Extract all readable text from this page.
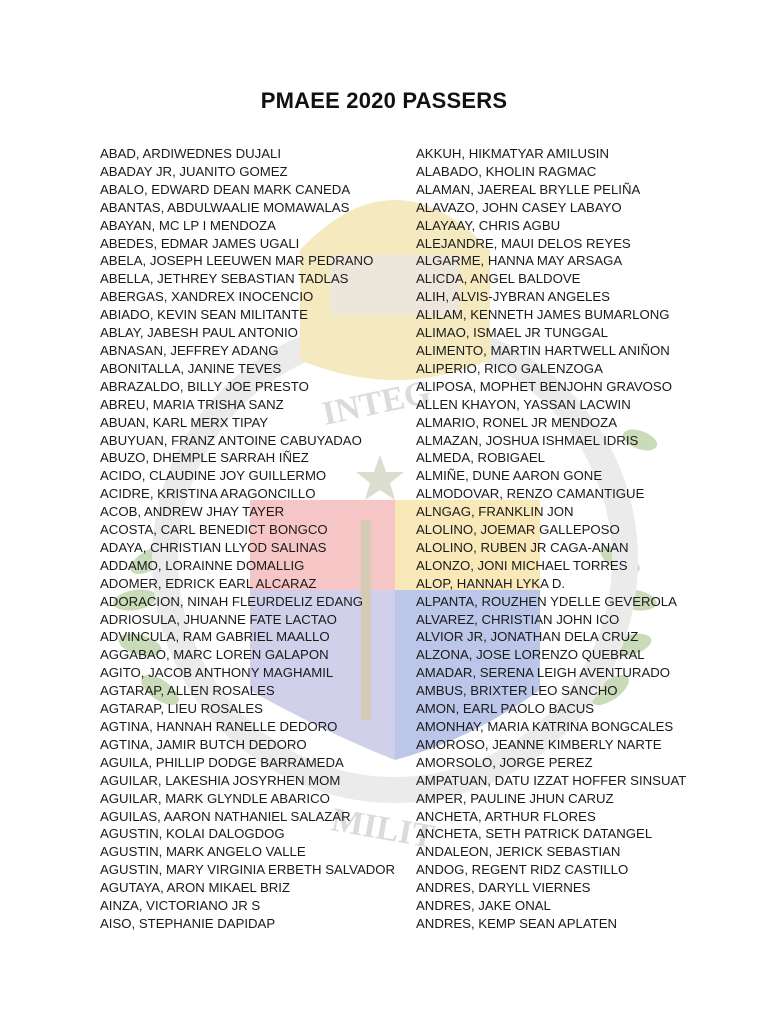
INTEG
MILIT
PMAEE 2020 PASSERS
ABAD, ARDIWEDNES DUJALI
ABADAY JR, JUANITO GOMEZ
ABALO, EDWARD DEAN MARK CANEDA
ABANTAS, ABDULWAALIE MOMAWALAS
ABAYAN, MC LP I MENDOZA
ABEDES, EDMAR JAMES UGALI
ABELA, JOSEPH LEEUWEN MAR PEDRANO
ABELLA, JETHREY SEBASTIAN TADLAS
ABERGAS, XANDREX INOCENCIO
ABIADO, KEVIN SEAN MILITANTE
ABLAY, JABESH PAUL ANTONIO
ABNASAN, JEFFREY ADANG
ABONITALLA, JANINE TEVES
ABRAZALDO, BILLY JOE PRESTO
ABREU, MARIA TRISHA SANZ
ABUAN, KARL MERX TIPAY
ABUYUAN, FRANZ ANTOINE CABUYADAO
ABUZO, DHEMPLE SARRAH IÑEZ
ACIDO, CLAUDINE JOY GUILLERMO
ACIDRE, KRISTINA ARAGONCILLO
ACOB, ANDREW JHAY TAYER
ACOSTA, CARL BENEDICT BONGCO
ADAYA, CHRISTIAN LLYOD SALINAS
ADDAMO, LORAINNE DOMALLIG
ADOMER, EDRICK EARL ALCARAZ
ADORACION, NINAH FLEURDELIZ EDANG
ADRIOSULA, JHUANNE FATE LACTAO
ADVINCULA, RAM GABRIEL MAALLO
AGGABAO, MARC LOREN GALAPON
AGITO, JACOB ANTHONY MAGHAMIL
AGTARAP, ALLEN ROSALES
AGTARAP, LIEU ROSALES
AGTINA, HANNAH RANELLE DEDORO
AGTINA, JAMIR BUTCH DEDORO
AGUILA, PHILLIP DODGE BARRAMEDA
AGUILAR, LAKESHIA JOSYRHEN MOM
AGUILAR, MARK GLYNDLE ABARICO
AGUILAS, AARON NATHANIEL SALAZAR
AGUSTIN, KOLAI DALOGDOG
AGUSTIN, MARK ANGELO VALLE
AGUSTIN, MARY VIRGINIA ERBETH SALVADOR
AGUTAYA, ARON MIKAEL BRIZ
AINZA, VICTORIANO JR S
AISO, STEPHANIE DAPIDAP
AKKUH, HIKMATYAR AMILUSIN
ALABADO, KHOLIN RAGMAC
ALAMAN, JAEREAL BRYLLE PELIÑA
ALAVAZO, JOHN CASEY LABAYO
ALAYAAY, CHRIS AGBU
ALEJANDRE, MAUI DELOS REYES
ALGARME, HANNA MAY ARSAGA
ALICDA, ANGEL BALDOVE
ALIH, ALVIS-JYBRAN ANGELES
ALILAM, KENNETH JAMES BUMARLONG
ALIMAO, ISMAEL JR TUNGGAL
ALIMENTO, MARTIN HARTWELL ANIÑON
ALIPERIO, RICO GALENZOGA
ALIPOSA, MOPHET BENJOHN GRAVOSO
ALLEN KHAYON, YASSAN LACWIN
ALMARIO, RONEL JR MENDOZA
ALMAZAN, JOSHUA ISHMAEL IDRIS
ALMEDA, ROBIGAEL
ALMIÑE, DUNE AARON GONE
ALMODOVAR, RENZO CAMANTIGUE
ALNGAG, FRANKLIN JON
ALOLINO, JOEMAR GALLEPOSO
ALOLINO, RUBEN JR CAGA-ANAN
ALONZO, JONI MICHAEL TORRES
ALOP, HANNAH LYKA D.
ALPANTA, ROUZHEN YDELLE GEVEROLA
ALVAREZ, CHRISTIAN JOHN ICO
ALVIOR JR, JONATHAN DELA CRUZ
ALZONA, JOSE LORENZO QUEBRAL
AMADAR, SERENA LEIGH AVENTURADO
AMBUS, BRIXTER LEO SANCHO
AMON, EARL PAOLO BACUS
AMONHAY, MARIA KATRINA BONGCALES
AMOROSO, JEANNE KIMBERLY NARTE
AMORSOLO, JORGE PEREZ
AMPATUAN, DATU IZZAT HOFFER SINSUAT
AMPER, PAULINE JHUN CARUZ
ANCHETA, ARTHUR FLORES
ANCHETA, SETH PATRICK DATANGEL
ANDALEON, JERICK SEBASTIAN
ANDOG, REGENT RIDZ CASTILLO
ANDRES, DARYLL VIERNES
ANDRES, JAKE ONAL
ANDRES, KEMP SEAN APLATEN
